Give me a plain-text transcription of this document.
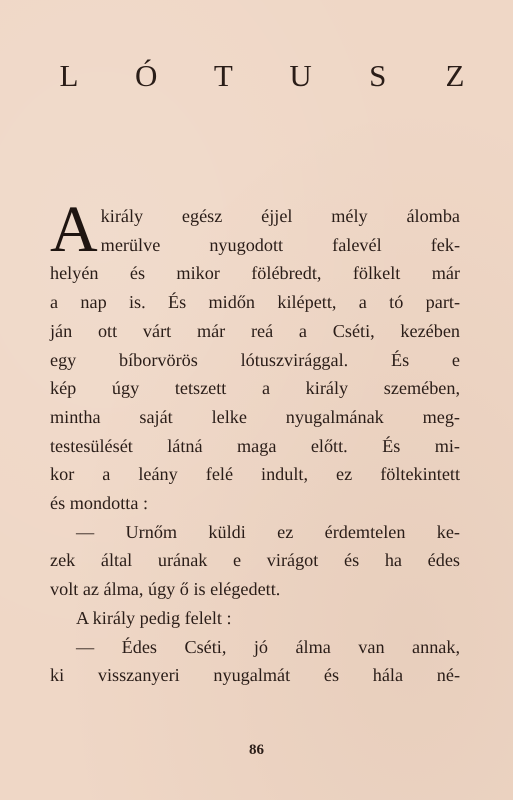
L Ó T U S Z
A király egész éjjel mély álomba
merülve nyugodott falevél fek-
helyén és mikor fölébredt, fölkelt már
a nap is. És midőn kilépett, a tó part-
ján ott várt már reá a Cséti, kezében
egy bíborvörös lótuszvirággal. És e
kép úgy tetszett a király szemében,
mintha saját lelke nyugalmának meg-
testesülését látná maga előtt. És mi-
kor a leány felé indult, ez föltekintett
és mondotta :
— Urnőm küldi ez érdemtelen ke-
zek által urának e virágot és ha édes
volt az álma, úgy ő is elégedett.
A király pedig felelt :
— Édes Cséti, jó álma van annak,
ki visszanyeri nyugalmát és hála né-
86
